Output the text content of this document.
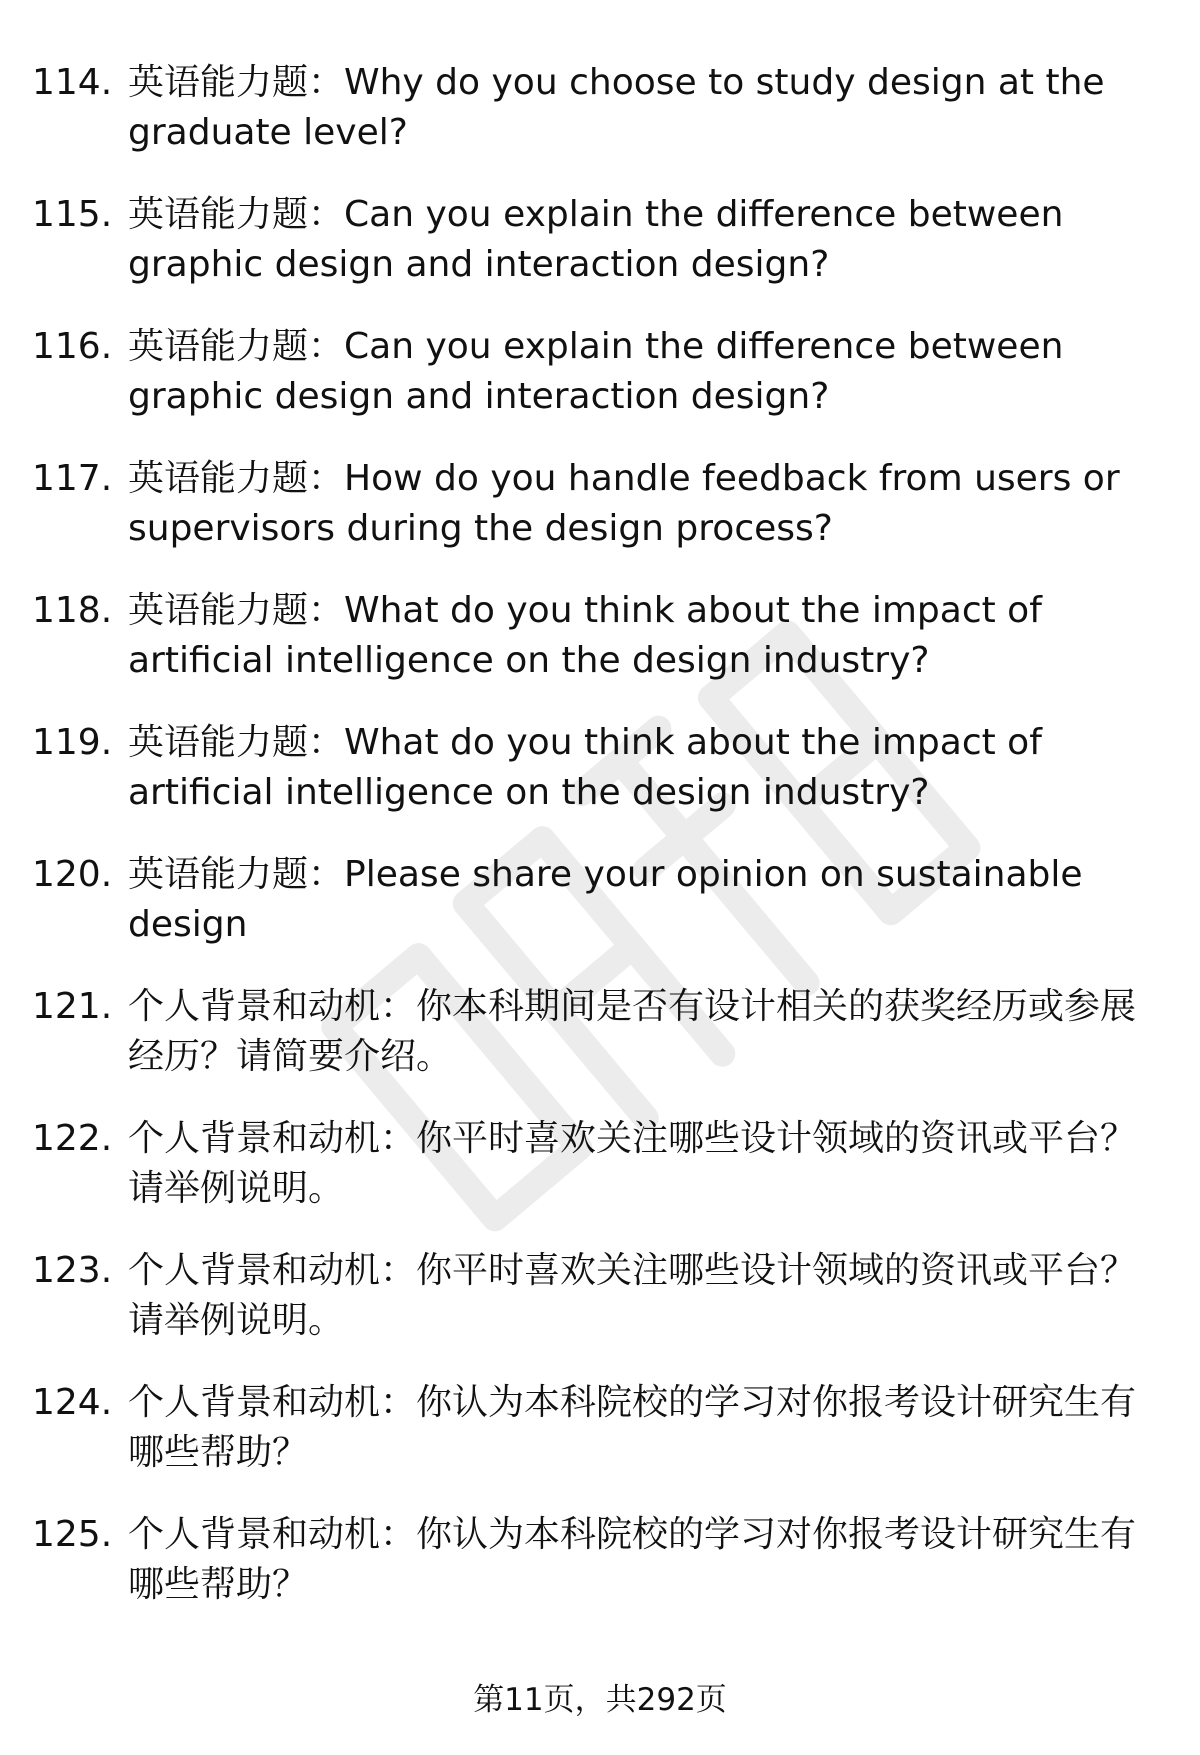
114. 英语能力题：Why do you choose to study design at the graduate level?
115. 英语能力题：Can you explain the difference between graphic design and interaction design?
116. 英语能力题：Can you explain the difference between graphic design and interaction design?
117. 英语能力题：How do you handle feedback from users or supervisors during the design process?
118. 英语能力题：What do you think about the impact of artificial intelligence on the design industry?
119. 英语能力题：What do you think about the impact of artificial intelligence on the design industry?
120. 英语能力题：Please share your opinion on sustainable design
121. 个人背景和动机：你本科期间是否有设计相关的获奖经历或参展经历？请简要介绍。
122. 个人背景和动机：你平时喜欢关注哪些设计领域的资讯或平台？请举例说明。
123. 个人背景和动机：你平时喜欢关注哪些设计领域的资讯或平台？请举例说明。
124. 个人背景和动机：你认为本科院校的学习对你报考设计研究生有哪些帮助？
125. 个人背景和动机：你认为本科院校的学习对你报考设计研究生有哪些帮助？
第11页，共292页
